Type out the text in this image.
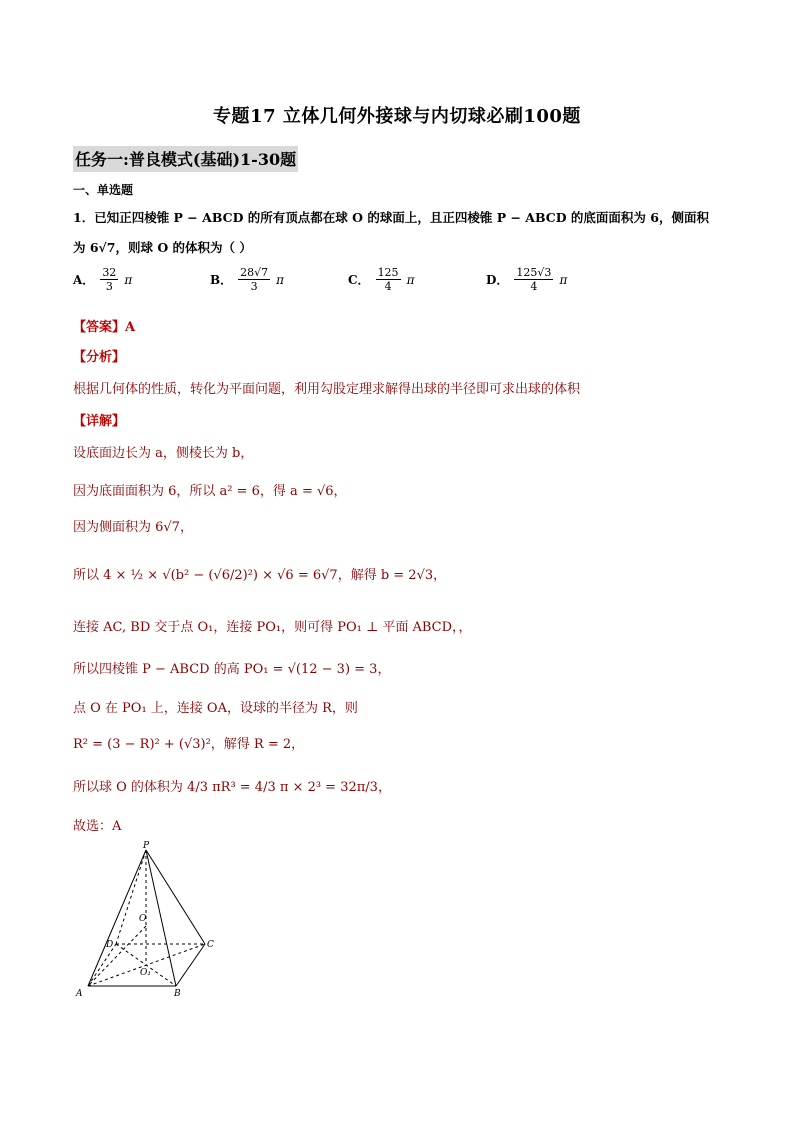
专题17 立体几何外接球与内切球必刷100题
任务一:普良模式(基础)1-30题
一、单选题
1．已知正四棱锥 P − ABCD 的所有顶点都在球 O 的球面上，且正四棱锥 P − ABCD 的底面面积为 6，侧面积
为 6√7，则球 O 的体积为（ ）
A． $\frac{32}{3}$ π	B． $\frac{28√7}{3}$ π	C． $\frac{125}{4}$ π	D． $\frac{125√3}{4}$ π
【答案】A
【分析】
根据几何体的性质，转化为平面问题，利用勾股定理求解得出球的半径即可求出球的体积
【详解】
设底面边长为 a，侧棱长为 b，
因为底面面积为 6，所以 a² = 6，得 a = √6，
因为侧面积为 6√7，
所以 4 × ½ × √(b² − (√6/2)²) × √6 = 6√7，解得 b = 2√3，
连接 AC, BD 交于点 O₁，连接 PO₁，则可得 PO₁ ⊥ 平面 ABCD，，
所以四棱锥 P − ABCD 的高 PO₁ = √(12 − 3) = 3，
点 O 在 PO₁ 上，连接 OA，设球的半径为 R，则
R² = (3 − R)² + (√3)²，解得 R = 2，
所以球 O 的体积为 4/3 πR³ = 4/3 π × 2³ = 32π/3，
故选：A
P
O
D	C
O₁
A	B
